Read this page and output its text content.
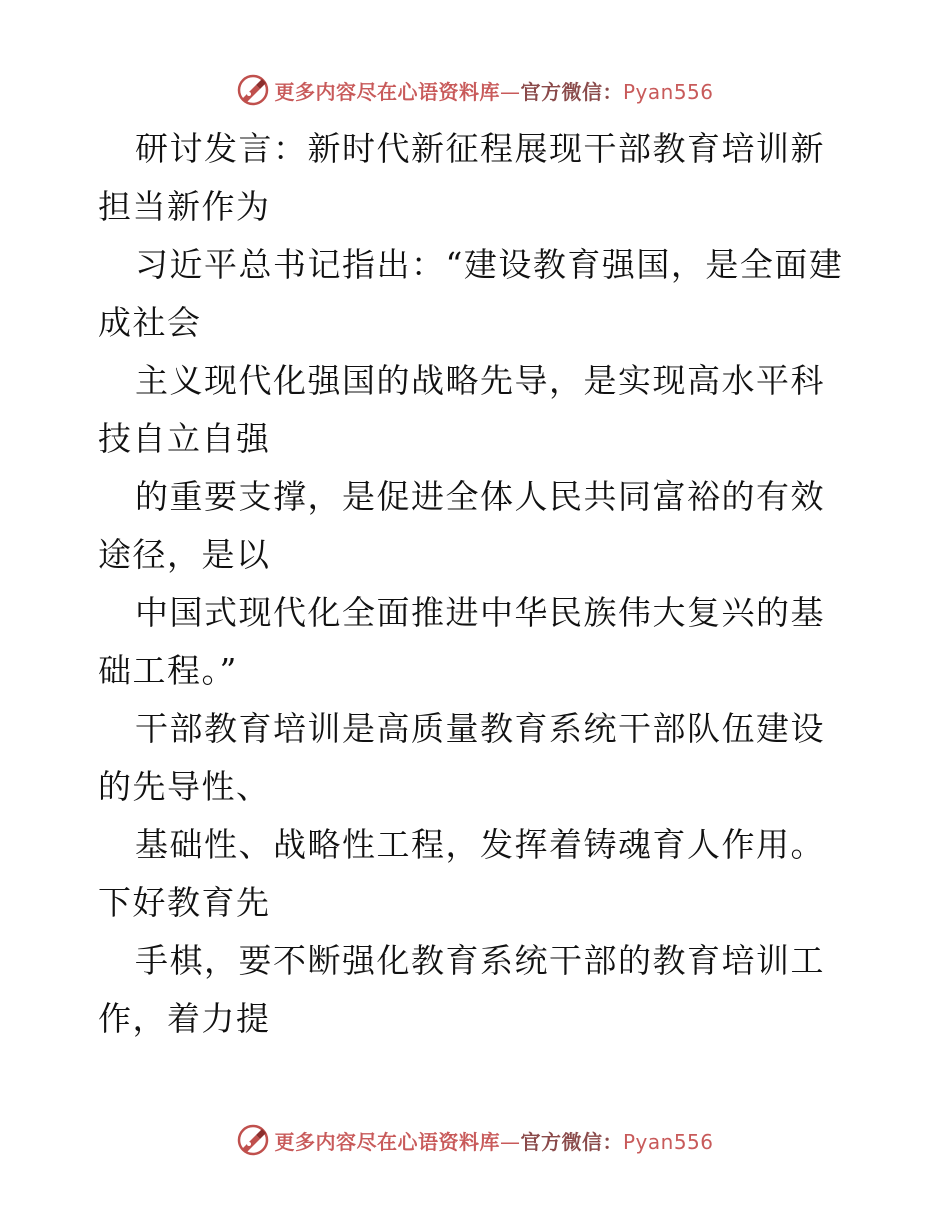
更多内容尽在心语资料库—官方微信：Pyan556

研讨发言：新时代新征程展现干部教育培训新担当新作为

习近平总书记指出：“建设教育强国，是全面建成社会

主义现代化强国的战略先导，是实现高水平科技自立自强

的重要支撑，是促进全体人民共同富裕的有效途径，是以

中国式现代化全面推进中华民族伟大复兴的基础工程。”

干部教育培训是高质量教育系统干部队伍建设的先导性、

基础性、战略性工程，发挥着铸魂育人作用。下好教育先

手棋，要不断强化教育系统干部的教育培训工作，着力提

更多内容尽在心语资料库—官方微信：Pyan556
